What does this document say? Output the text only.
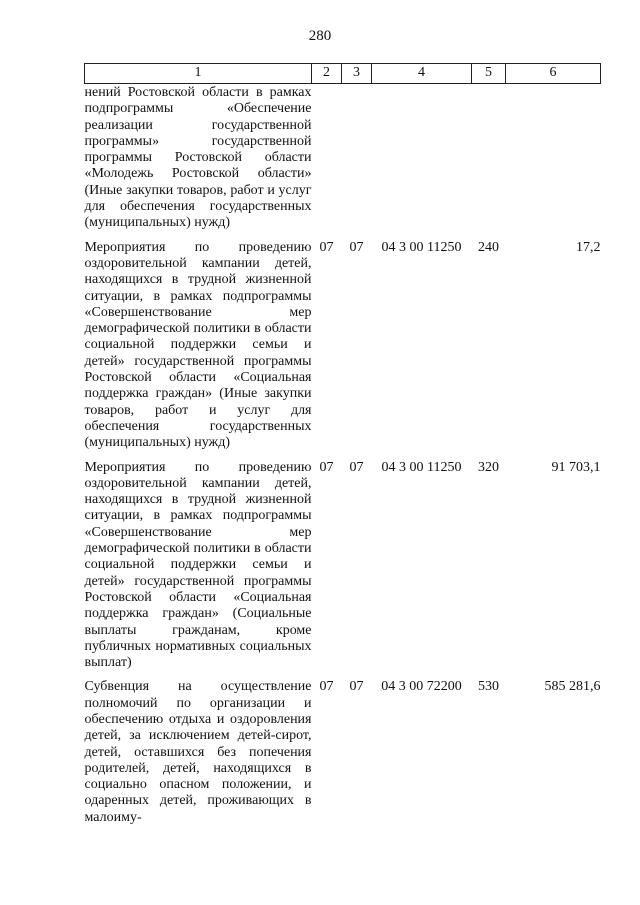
280
1	2	3	4	5	6
нений Ростовской области в рамках подпрограммы «Обеспечение реализации государственной программы» государственной программы Ростовской области «Молодежь Ростовской области» (Иные закупки товаров, работ и услуг для обеспечения государственных (муниципальных) нужд)					
Мероприятия по проведению оздоровительной кампании детей, находящихся в трудной жизненной ситуации, в рамках подпрограммы «Совершенствование мер демографической политики в области социальной поддержки семьи и детей» государственной программы Ростовской области «Социальная поддержка граждан» (Иные закупки товаров, работ и услуг для обеспечения государственных (муниципальных) нужд)	07	07	04 3 00 11250	240	17,2
Мероприятия по проведению оздоровительной кампании детей, находящихся в трудной жизненной ситуации, в рамках подпрограммы «Совершенствование мер демографической политики в области социальной поддержки семьи и детей» государственной программы Ростовской области «Социальная поддержка граждан» (Социальные выплаты гражданам, кроме публичных нормативных социальных выплат)	07	07	04 3 00 11250	320	91 703,1
Субвенция на осуществление полномочий по организации и обеспечению отдыха и оздоровления детей, за исключением детей-сирот, детей, оставшихся без попечения родителей, детей, находящихся в социально опасном положении, и одаренных детей, проживающих в малоиму-	07	07	04 3 00 72200	530	585 281,6
